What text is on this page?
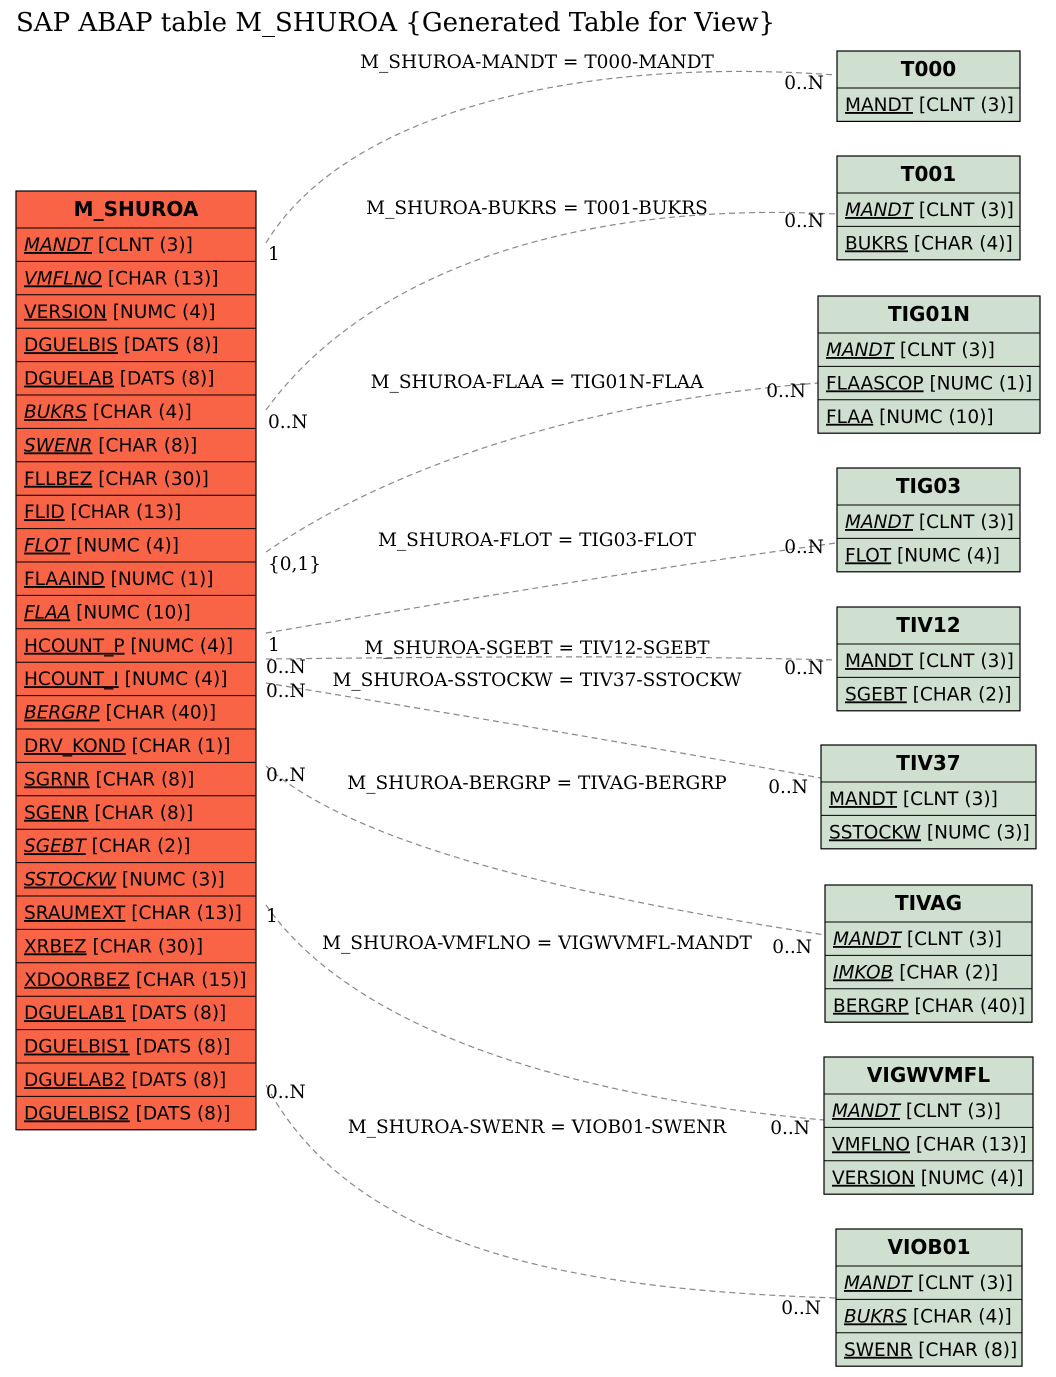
SAP ABAP table M_SHUROA {Generated Table for View}
M_SHUROA-MANDT = T000-MANDT
1
0..N
M_SHUROA-BUKRS = T001-BUKRS
0..N
0..N
M_SHUROA-FLAA = TIG01N-FLAA
{0,1}
0..N
M_SHUROA-FLOT = TIG03-FLOT
1
0..N
M_SHUROA-SGEBT = TIV12-SGEBT
0..N	0..N
M_SHUROA-SSTOCKW = TIV37-SSTOCKW
0..N
0..N
M_SHUROA-BERGRP = TIVAG-BERGRP
0..N
0..N
M_SHUROA-VMFLNO = VIGWVMFL-MANDT
1
0..N
M_SHUROA-SWENR = VIOB01-SWENR
0..N
0..N
M_SHUROA
MANDT [CLNT (3)]
VMFLNO [CHAR (13)]
VERSION [NUMC (4)]
DGUELBIS [DATS (8)]
DGUELAB [DATS (8)]
BUKRS [CHAR (4)]
SWENR [CHAR (8)]
FLLBEZ [CHAR (30)]
FLID [CHAR (13)]
FLOT [NUMC (4)]
FLAAIND [NUMC (1)]
FLAA [NUMC (10)]
HCOUNT_P [NUMC (4)]
HCOUNT_I [NUMC (4)]
BERGRP [CHAR (40)]
DRV_KOND [CHAR (1)]
SGRNR [CHAR (8)]
SGENR [CHAR (8)]
SGEBT [CHAR (2)]
SSTOCKW [NUMC (3)]
SRAUMEXT [CHAR (13)]
XRBEZ [CHAR (30)]
XDOORBEZ [CHAR (15)]
DGUELAB1 [DATS (8)]
DGUELBIS1 [DATS (8)]
DGUELAB2 [DATS (8)]
DGUELBIS2 [DATS (8)]
T000
MANDT [CLNT (3)]
T001
MANDT [CLNT (3)]
BUKRS [CHAR (4)]
TIG01N
MANDT [CLNT (3)]
FLAASCOP [NUMC (1)]
FLAA [NUMC (10)]
TIG03
MANDT [CLNT (3)]
FLOT [NUMC (4)]
TIV12
MANDT [CLNT (3)]
SGEBT [CHAR (2)]
TIV37
MANDT [CLNT (3)]
SSTOCKW [NUMC (3)]
TIVAG
MANDT [CLNT (3)]
IMKOB [CHAR (2)]
BERGRP [CHAR (40)]
VIGWVMFL
MANDT [CLNT (3)]
VMFLNO [CHAR (13)]
VERSION [NUMC (4)]
VIOB01
MANDT [CLNT (3)]
BUKRS [CHAR (4)]
SWENR [CHAR (8)]
